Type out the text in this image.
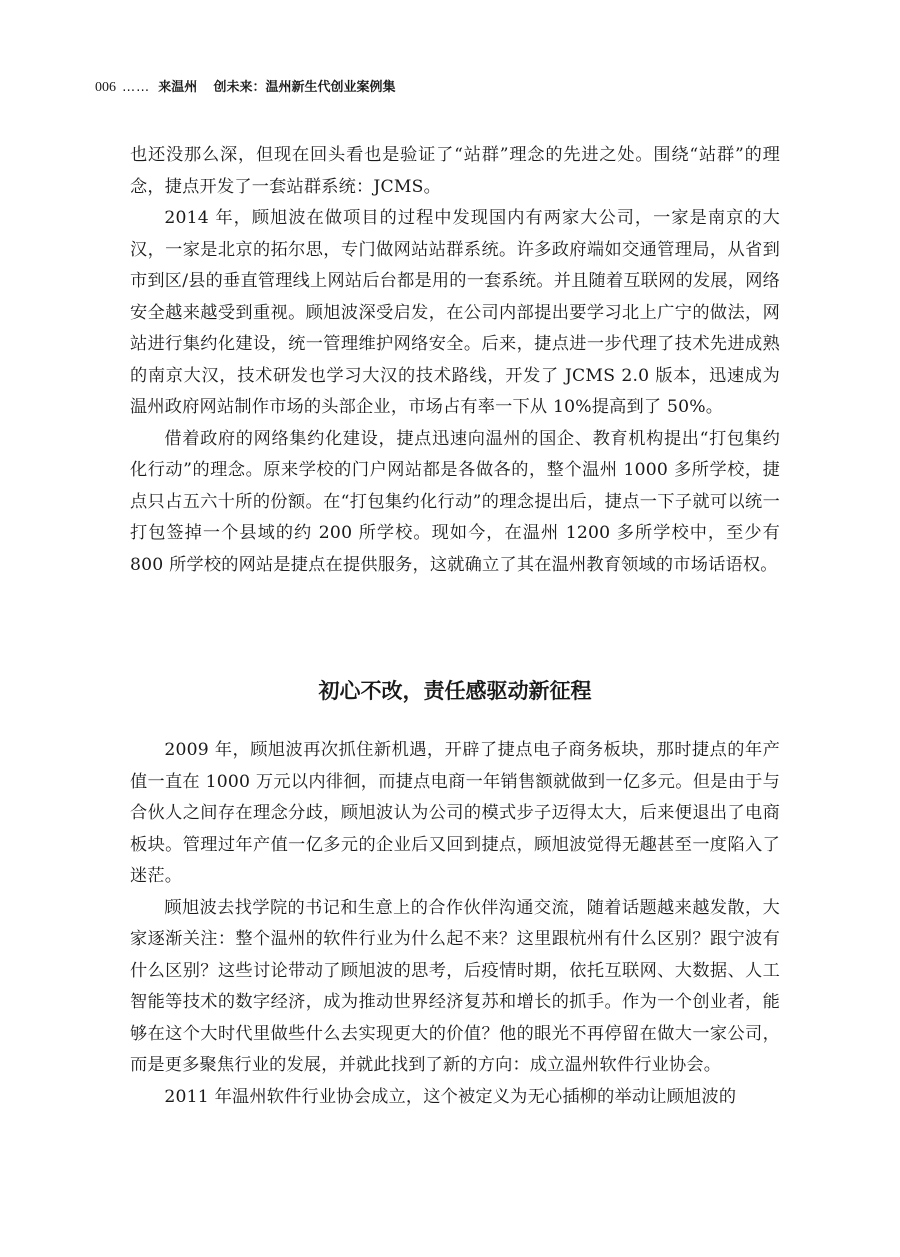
006 …… 来温州 创未来：温州新生代创业案例集

也还没那么深，但现在回头看也是验证了“站群”理念的先进之处。围绕“站群”的理念，捷点开发了一套站群系统：JCMS。

2014 年，顾旭波在做项目的过程中发现国内有两家大公司，一家是南京的大汉，一家是北京的拓尔思，专门做网站站群系统。许多政府端如交通管理局，从省到市到区/县的垂直管理线上网站后台都是用的一套系统。并且随着互联网的发展，网络安全越来越受到重视。顾旭波深受启发，在公司内部提出要学习北上广宁的做法，网站进行集约化建设，统一管理维护网络安全。后来，捷点进一步代理了技术先进成熟的南京大汉，技术研发也学习大汉的技术路线，开发了 JCMS 2.0 版本，迅速成为温州政府网站制作市场的头部企业，市场占有率一下从 10%提高到了 50%。

借着政府的网络集约化建设，捷点迅速向温州的国企、教育机构提出“打包集约化行动”的理念。原来学校的门户网站都是各做各的，整个温州 1000 多所学校，捷点只占五六十所的份额。在“打包集约化行动”的理念提出后，捷点一下子就可以统一打包签掉一个县域的约 200 所学校。现如今，在温州 1200 多所学校中，至少有 800 所学校的网站是捷点在提供服务，这就确立了其在温州教育领域的市场话语权。

初心不改，责任感驱动新征程

2009 年，顾旭波再次抓住新机遇，开辟了捷点电子商务板块，那时捷点的年产值一直在 1000 万元以内徘徊，而捷点电商一年销售额就做到一亿多元。但是由于与合伙人之间存在理念分歧，顾旭波认为公司的模式步子迈得太大，后来便退出了电商板块。管理过年产值一亿多元的企业后又回到捷点，顾旭波觉得无趣甚至一度陷入了迷茫。

顾旭波去找学院的书记和生意上的合作伙伴沟通交流，随着话题越来越发散，大家逐渐关注：整个温州的软件行业为什么起不来？这里跟杭州有什么区别？跟宁波有什么区别？这些讨论带动了顾旭波的思考，后疫情时期，依托互联网、大数据、人工智能等技术的数字经济，成为推动世界经济复苏和增长的抓手。作为一个创业者，能够在这个大时代里做些什么去实现更大的价值？他的眼光不再停留在做大一家公司，而是更多聚焦行业的发展，并就此找到了新的方向：成立温州软件行业协会。

2011 年温州软件行业协会成立，这个被定义为无心插柳的举动让顾旭波的
